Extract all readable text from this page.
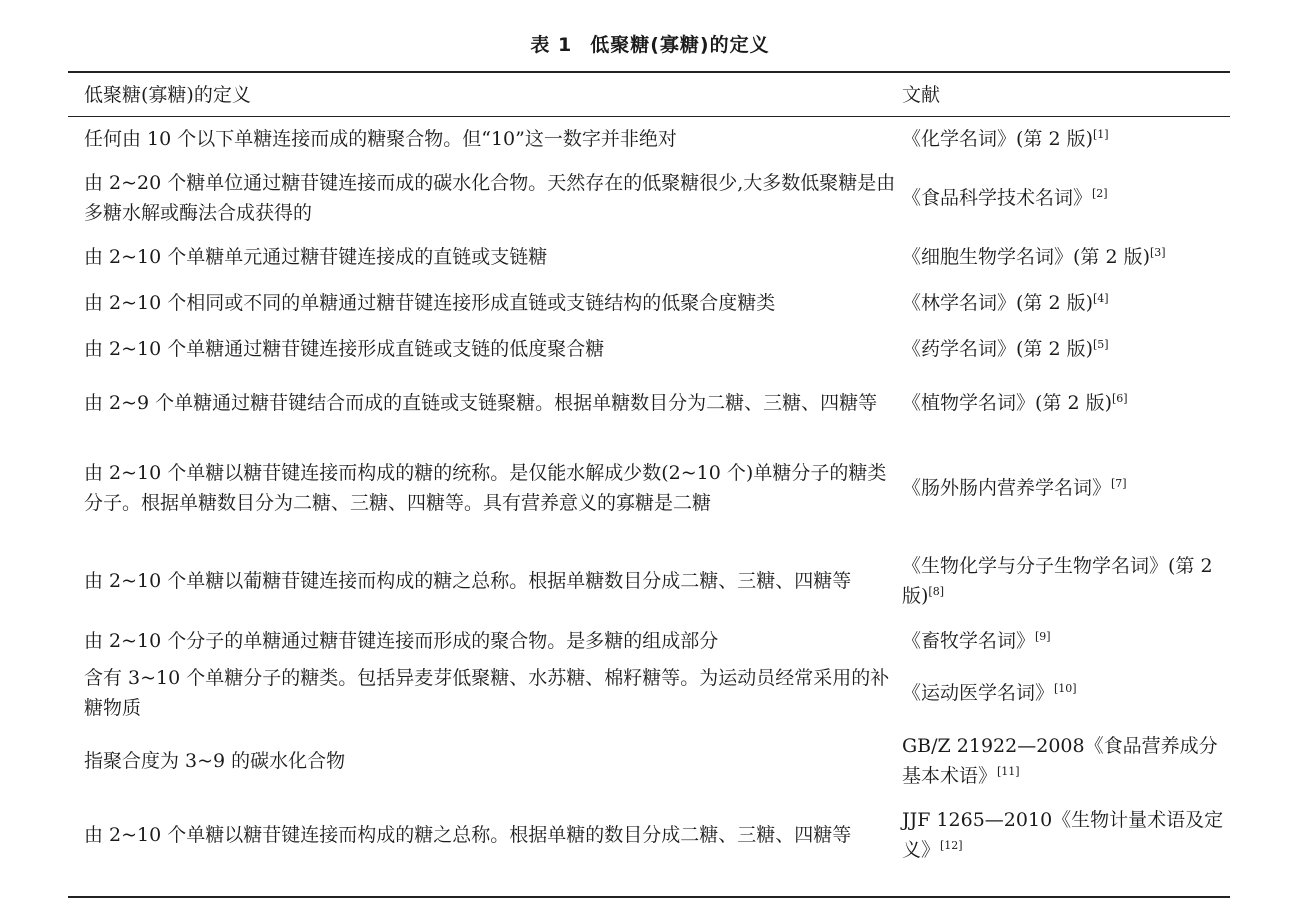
表 1 低聚糖(寡糖)的定义
低聚糖(寡糖)的定义	文献
任何由 10 个以下单糖连接而成的糖聚合物。但“10”这一数字并非绝对	《化学名词》(第 2 版)[1]
由 2~20 个糖单位通过糖苷键连接而成的碳水化合物。天然存在的低聚糖很少,大多数低聚糖是由多糖水解或酶法合成获得的	《食品科学技术名词》[2]
由 2~10 个单糖单元通过糖苷键连接成的直链或支链糖	《细胞生物学名词》(第 2 版)[3]
由 2~10 个相同或不同的单糖通过糖苷键连接形成直链或支链结构的低聚合度糖类	《林学名词》(第 2 版)[4]
由 2~10 个单糖通过糖苷键连接形成直链或支链的低度聚合糖	《药学名词》(第 2 版)[5]
由 2~9 个单糖通过糖苷键结合而成的直链或支链聚糖。根据单糖数目分为二糖、三糖、四糖等	《植物学名词》(第 2 版)[6]
由 2~10 个单糖以糖苷键连接而构成的糖的统称。是仅能水解成少数(2~10 个)单糖分子的糖类分子。根据单糖数目分为二糖、三糖、四糖等。具有营养意义的寡糖是二糖	《肠外肠内营养学名词》[7]
由 2~10 个单糖以葡糖苷键连接而构成的糖之总称。根据单糖数目分成二糖、三糖、四糖等	《生物化学与分子生物学名词》(第 2 版)[8]
由 2~10 个分子的单糖通过糖苷键连接而形成的聚合物。是多糖的组成部分	《畜牧学名词》[9]
含有 3~10 个单糖分子的糖类。包括异麦芽低聚糖、水苏糖、棉籽糖等。为运动员经常采用的补糖物质	《运动医学名词》[10]
指聚合度为 3~9 的碳水化合物	GB/Z 21922—2008《食品营养成分基本术语》[11]
由 2~10 个单糖以糖苷键连接而构成的糖之总称。根据单糖的数目分成二糖、三糖、四糖等	JJF 1265—2010《生物计量术语及定义》[12]
